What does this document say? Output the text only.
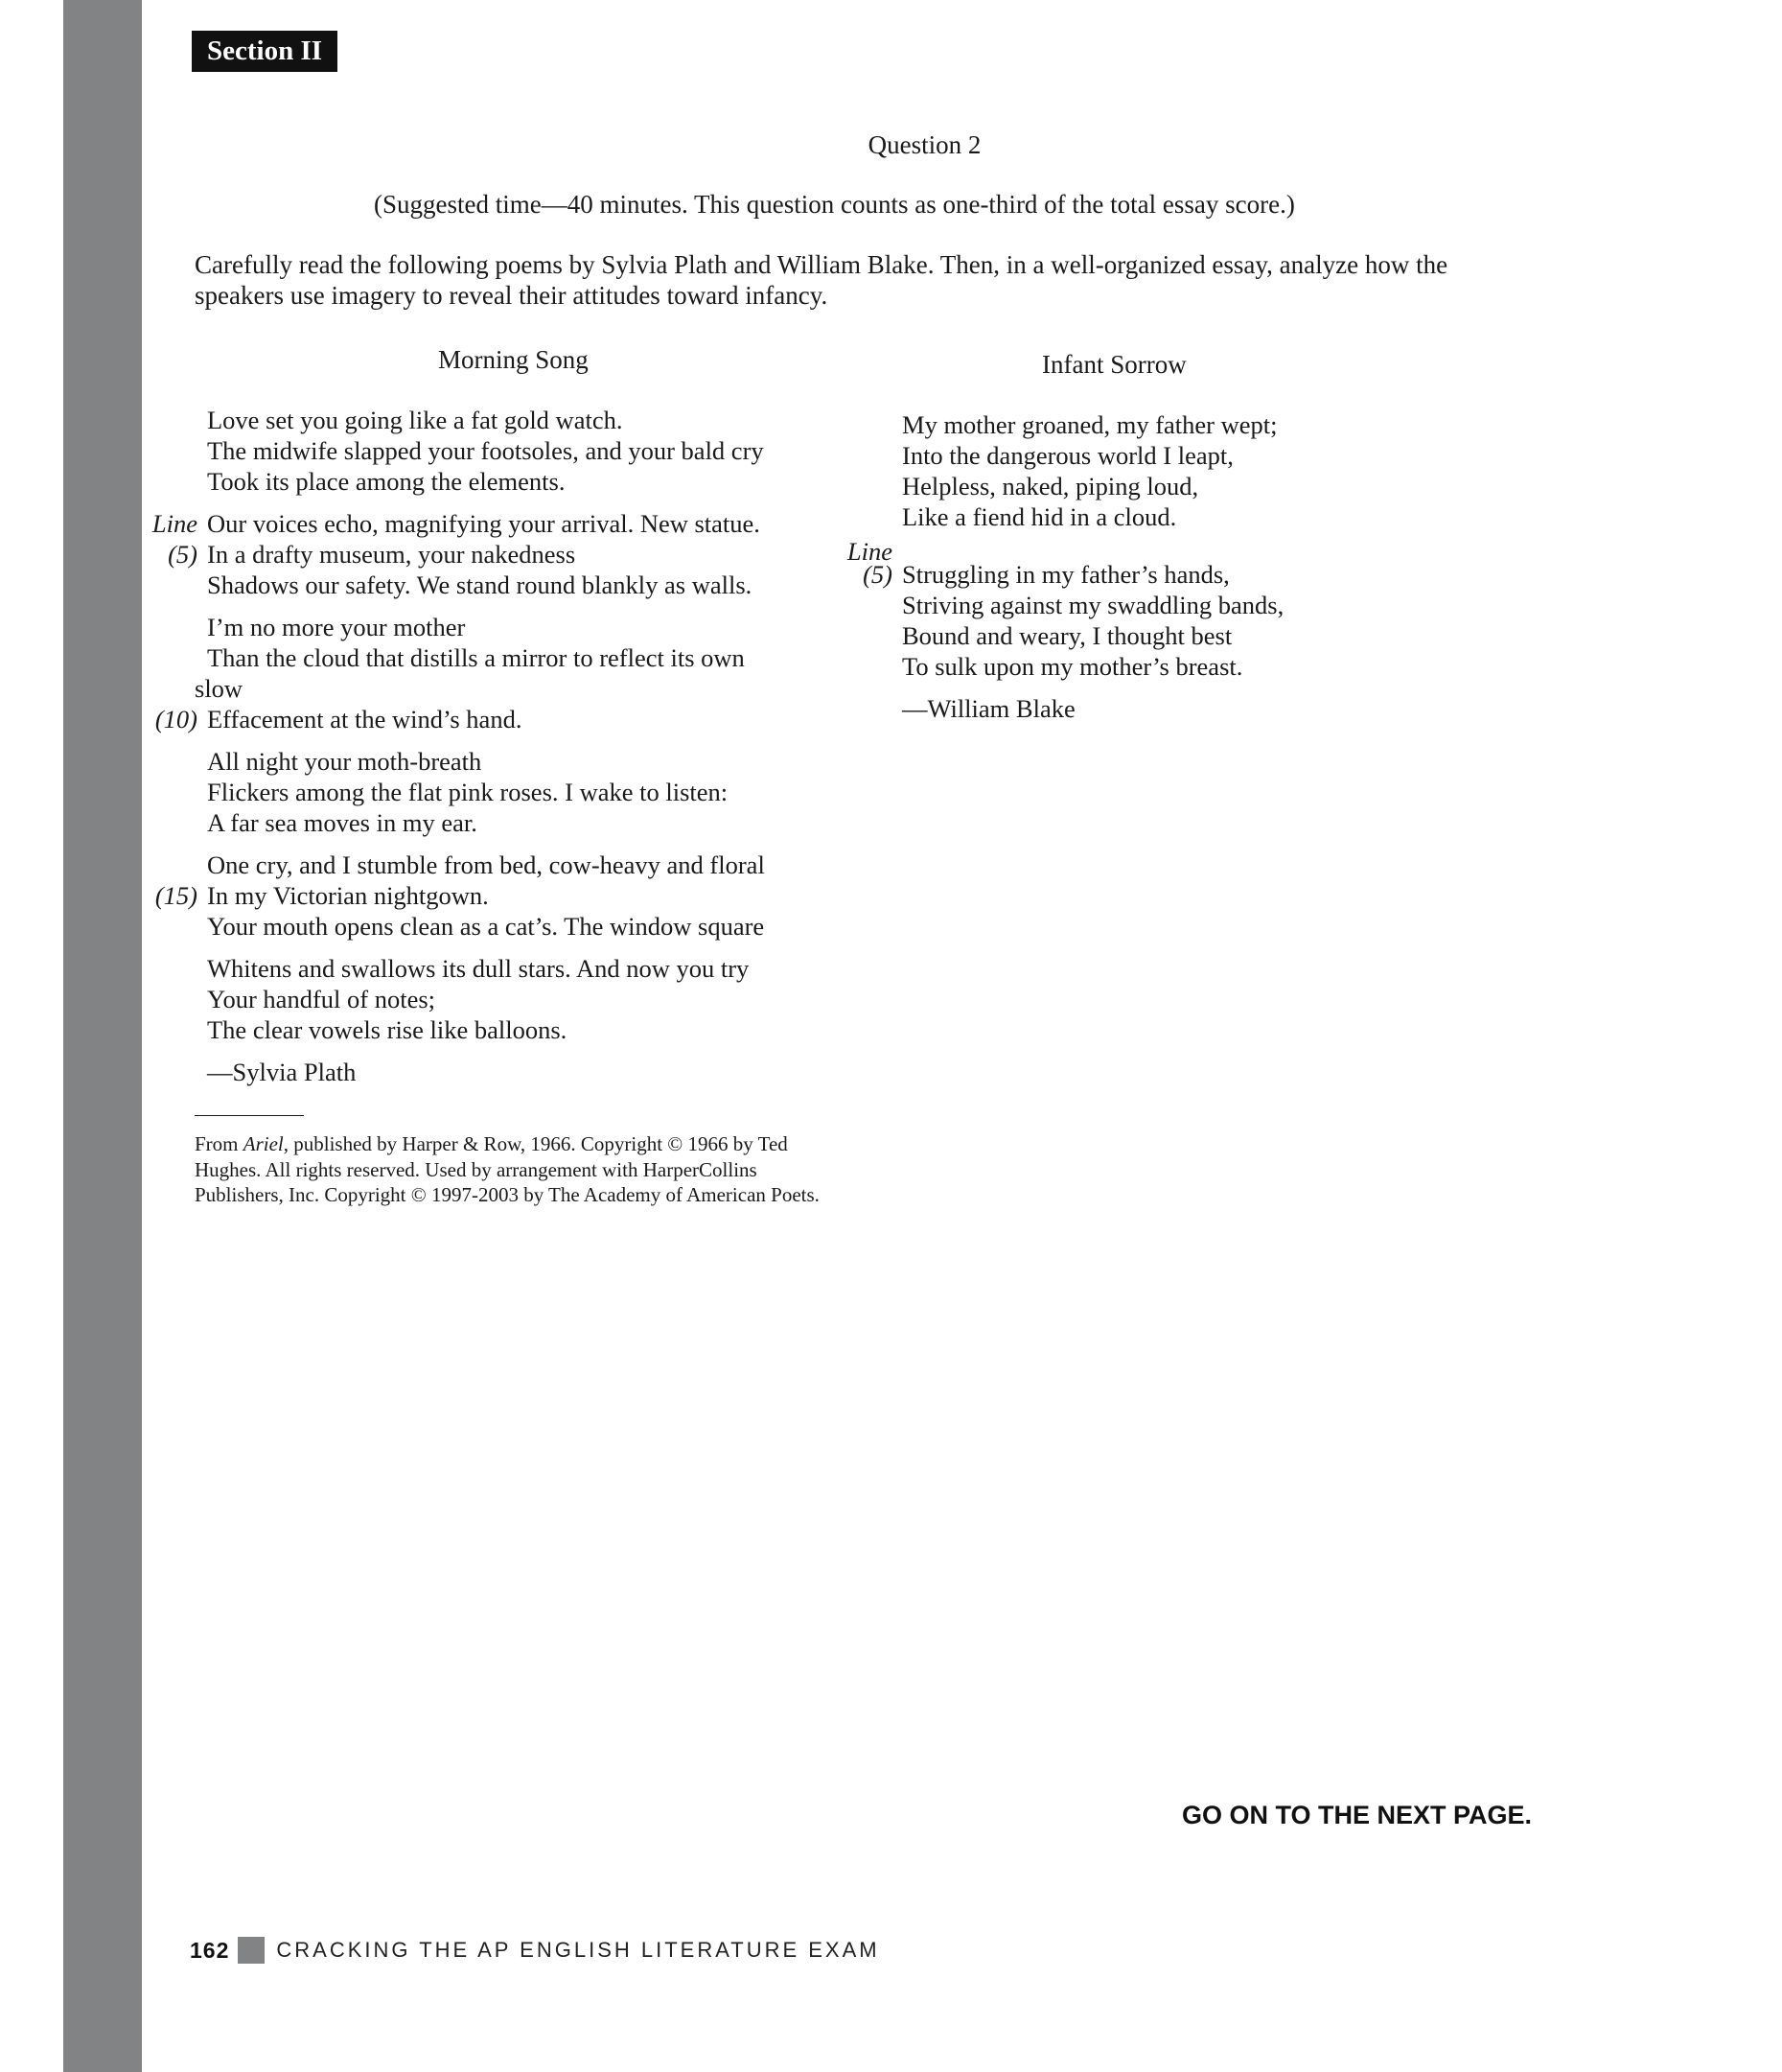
Section II
Question 2
(Suggested time—40 minutes. This question counts as one-third of the total essay score.)
Carefully read the following poems by Sylvia Plath and William Blake. Then, in a well-organized essay, analyze how the speakers use imagery to reveal their attitudes toward infancy.
Morning Song
Love set you going like a fat gold watch.
The midwife slapped your footsoles, and your bald cry
Took its place among the elements.
Line Our voices echo, magnifying your arrival. New statue.
(5) In a drafty museum, your nakedness
Shadows our safety. We stand round blankly as walls.
I’m no more your mother
Than the cloud that distills a mirror to reflect its own
slow
(10) Effacement at the wind’s hand.
All night your moth-breath
Flickers among the flat pink roses. I wake to listen:
A far sea moves in my ear.
One cry, and I stumble from bed, cow-heavy and floral
(15) In my Victorian nightgown.
Your mouth opens clean as a cat’s. The window square
Whitens and swallows its dull stars. And now you try
Your handful of notes;
The clear vowels rise like balloons.
—Sylvia Plath
Infant Sorrow
My mother groaned, my father wept;
Into the dangerous world I leapt,
Helpless, naked, piping loud,
Like a fiend hid in a cloud.
Line
(5) Struggling in my father’s hands,
Striving against my swaddling bands,
Bound and weary, I thought best
To sulk upon my mother’s breast.
—William Blake
From Ariel, published by Harper & Row, 1966. Copyright © 1966 by Ted Hughes. All rights reserved. Used by arrangement with HarperCollins Publishers, Inc. Copyright © 1997-2003 by The Academy of American Poets.
GO ON TO THE NEXT PAGE.
162 CRACKING THE AP ENGLISH LITERATURE EXAM
